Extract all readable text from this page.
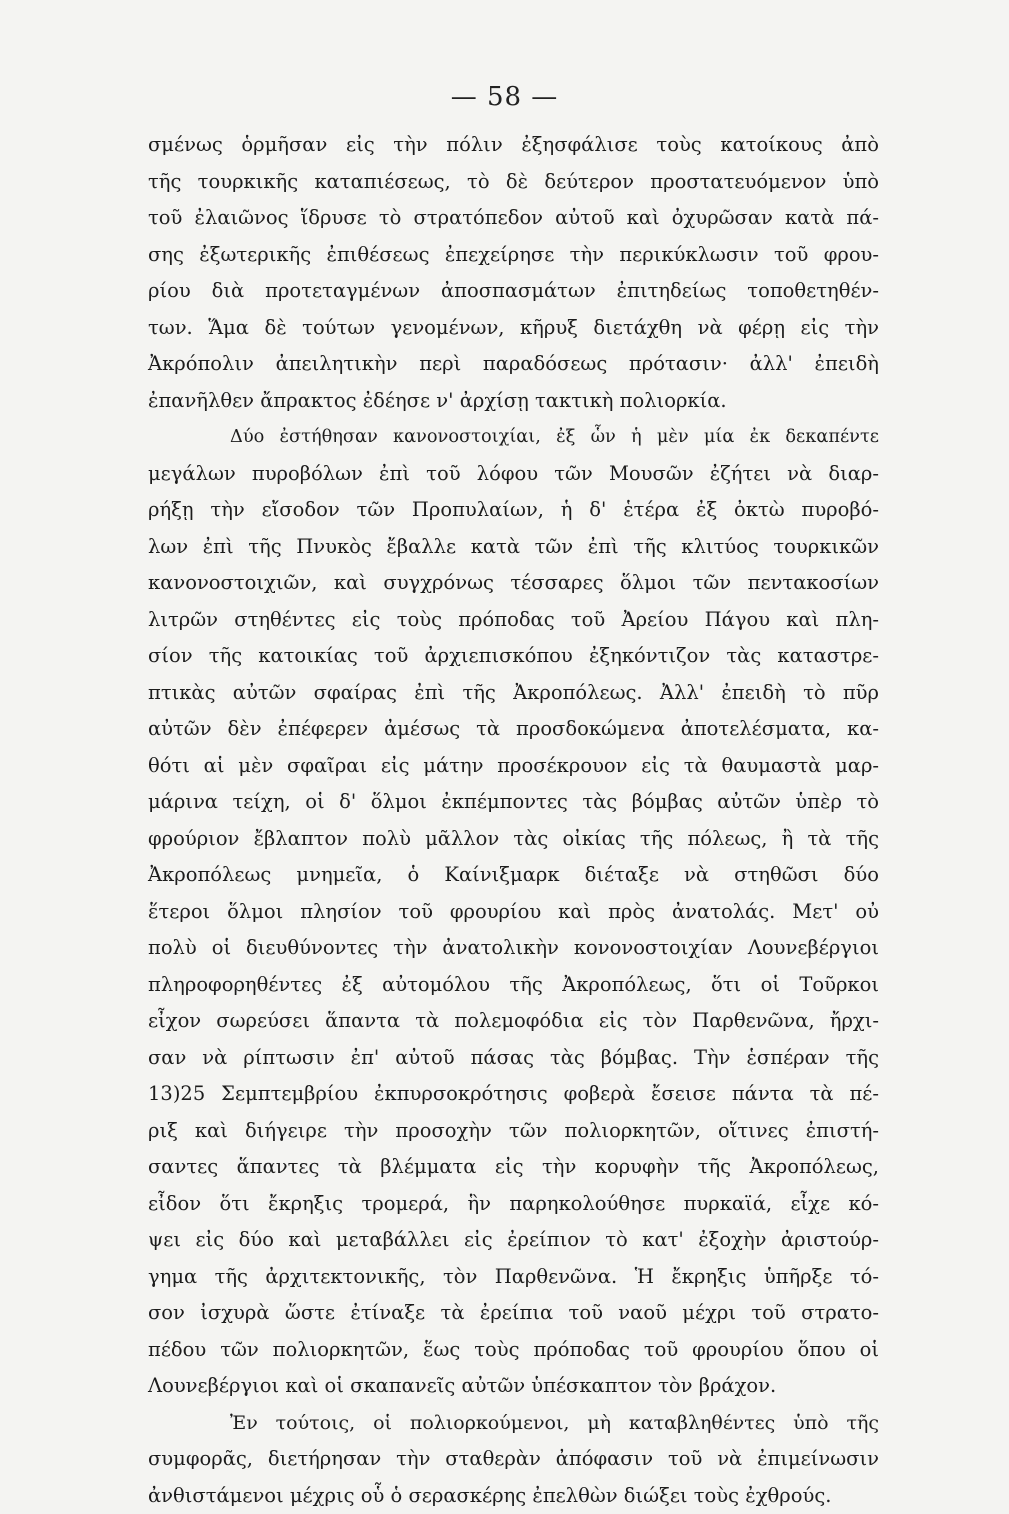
— 58 —
σμένως ὁρμῆσαν εἰς τὴν πόλιν ἐξησφάλισε τοὺς κατοίκους ἀπὸ
τῆς τουρκικῆς καταπιέσεως, τὸ δὲ δεύτερον προστατευόμενον ὑπὸ
τοῦ ἐλαιῶνος ἵδρυσε τὸ στρατόπεδον αὐτοῦ καὶ ὀχυρῶσαν κατὰ πά-
σης ἐξωτερικῆς ἐπιθέσεως ἐπεχείρησε τὴν περικύκλωσιν τοῦ φρου-
ρίου διὰ προτεταγμένων ἀποσπασμάτων ἐπιτηδείως τοποθετηθέν-
των. Ἅμα δὲ τούτων γενομένων, κῆρυξ διετάχθη νὰ φέρῃ εἰς τὴν
Ἀκρόπολιν ἀπειλητικὴν περὶ παραδόσεως πρότασιν· ἀλλ' ἐπειδὴ
ἐπανῆλθεν ἄπρακτος ἐδέησε ν' ἀρχίσῃ τακτικὴ πολιορκία.
Δύο ἐστήθησαν κανονοστοιχίαι, ἐξ ὧν ἡ μὲν μία ἐκ δεκαπέντε
μεγάλων πυροβόλων ἐπὶ τοῦ λόφου τῶν Μουσῶν ἐζήτει νὰ διαρ-
ρήξῃ τὴν εἴσοδον τῶν Προπυλαίων, ἡ δ' ἑτέρα ἐξ ὀκτὼ πυροβό-
λων ἐπὶ τῆς Πνυκὸς ἔβαλλε κατὰ τῶν ἐπὶ τῆς κλιτύος τουρκικῶν
κανονοστοιχιῶν, καὶ συγχρόνως τέσσαρες ὅλμοι τῶν πεντακοσίων
λιτρῶν στηθέντες εἰς τοὺς πρόποδας τοῦ Ἀρείου Πάγου καὶ πλη-
σίον τῆς κατοικίας τοῦ ἀρχιεπισκόπου ἐξηκόντιζον τὰς καταστρε-
πτικὰς αὐτῶν σφαίρας ἐπὶ τῆς Ἀκροπόλεως. Ἀλλ' ἐπειδὴ τὸ πῦρ
αὐτῶν δὲν ἐπέφερεν ἀμέσως τὰ προσδοκώμενα ἀποτελέσματα, κα-
θότι αἱ μὲν σφαῖραι εἰς μάτην προσέκρουον εἰς τὰ θαυμαστὰ μαρ-
μάρινα τείχη, οἱ δ' ὅλμοι ἐκπέμποντες τὰς βόμβας αὐτῶν ὑπὲρ τὸ
φρούριον ἔβλαπτον πολὺ μᾶλλον τὰς οἰκίας τῆς πόλεως, ἢ τὰ τῆς
Ἀκροπόλεως μνημεῖα, ὁ Καίνιξμαρκ διέταξε νὰ στηθῶσι δύο
ἕτεροι ὅλμοι πλησίον τοῦ φρουρίου καὶ πρὸς ἀνατολάς. Μετ' οὐ
πολὺ οἱ διευθύνοντες τὴν ἀνατολικὴν κονονοστοιχίαν Λουνεβέργιοι
πληροφορηθέντες ἐξ αὐτομόλου τῆς Ἀκροπόλεως, ὅτι οἱ Τοῦρκοι
εἶχον σωρεύσει ἅπαντα τὰ πολεμοφόδια εἰς τὸν Παρθενῶνα, ἤρχι-
σαν νὰ ρίπτωσιν ἐπ' αὐτοῦ πάσας τὰς βόμβας. Τὴν ἑσπέραν τῆς
13)25 Σεμπτεμβρίου ἐκπυρσοκρότησις φοβερὰ ἔσεισε πάντα τὰ πέ-
ριξ καὶ διήγειρε τὴν προσοχὴν τῶν πολιορκητῶν, οἵτινες ἐπιστή-
σαντες ἅπαντες τὰ βλέμματα εἰς τὴν κορυφὴν τῆς Ἀκροπόλεως,
εἶδον ὅτι ἔκρηξις τρομερά, ἣν παρηκολούθησε πυρκαϊά, εἶχε κό-
ψει εἰς δύο καὶ μεταβάλλει εἰς ἐρείπιον τὸ κατ' ἐξοχὴν ἀριστούρ-
γημα τῆς ἀρχιτεκτονικῆς, τὸν Παρθενῶνα. Ἡ ἔκρηξις ὑπῆρξε τό-
σον ἰσχυρὰ ὥστε ἐτίναξε τὰ ἐρείπια τοῦ ναοῦ μέχρι τοῦ στρατο-
πέδου τῶν πολιορκητῶν, ἕως τοὺς πρόποδας τοῦ φρουρίου ὅπου οἱ
Λουνεβέργιοι καὶ οἱ σκαπανεῖς αὐτῶν ὑπέσκαπτον τὸν βράχον.
Ἐν τούτοις, οἱ πολιορκούμενοι, μὴ καταβληθέντες ὑπὸ τῆς
συμφορᾶς, διετήρησαν τὴν σταθερὰν ἀπόφασιν τοῦ νὰ ἐπιμείνωσιν
ἀνθιστάμενοι μέχρις οὗ ὁ σερασκέρης ἐπελθὼν διώξει τοὺς ἐχθρούς.
